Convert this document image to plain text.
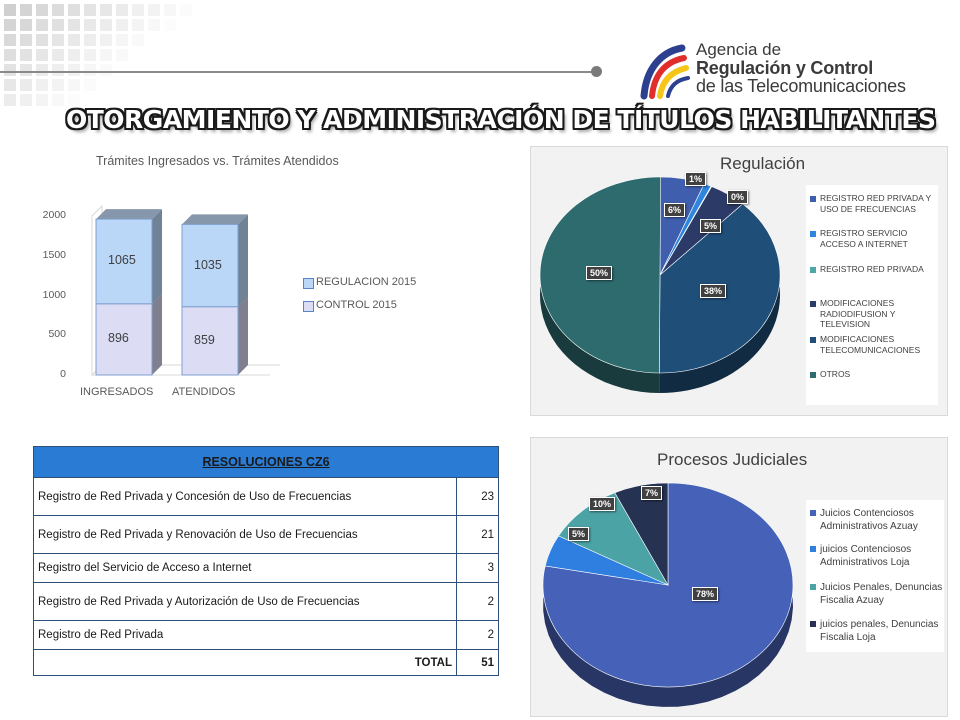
Agencia de
Regulación y Control
de las Telecomunicaciones
OTORGAMIENTO Y ADMINISTRACIÓN DE TÍTULOS HABILITANTES
Trámites Ingresados vs. Trámites Atendidos
0
500
1000
1500
2000
896
1065
INGRESADOS
859
1035
ATENDIDOS
REGULACION 2015
CONTROL 2015
Regulación
REGISTRO RED PRIVADA Y USO DE FRECUENCIAS
REGISTRO SERVICIO ACCESO A INTERNET
REGISTRO RED PRIVADA
MODIFICACIONES RADIODIFUSION Y TELEVISION
MODIFICACIONES TELECOMUNICACIONES
OTROS
6%
1%
0%
5%
38%
50%
Procesos Judiciales
Juicios Contenciosos Administrativos Azuay
juicios Contenciosos Administrativos Loja
Juicios Penales, Denuncias Fiscalia Azuay
juicios penales, Denuncias Fiscalia Loja
78%
5%
10%
7%
RESOLUCIONES CZ6	
Registro de Red Privada y Concesión de Uso de Frecuencias	23
Registro de Red Privada y Renovación de Uso de Frecuencias	21
Registro del Servicio de Acceso a Internet	3
Registro de Red Privada y Autorización de Uso de Frecuencias	2
Registro de Red Privada	2
TOTAL	51
